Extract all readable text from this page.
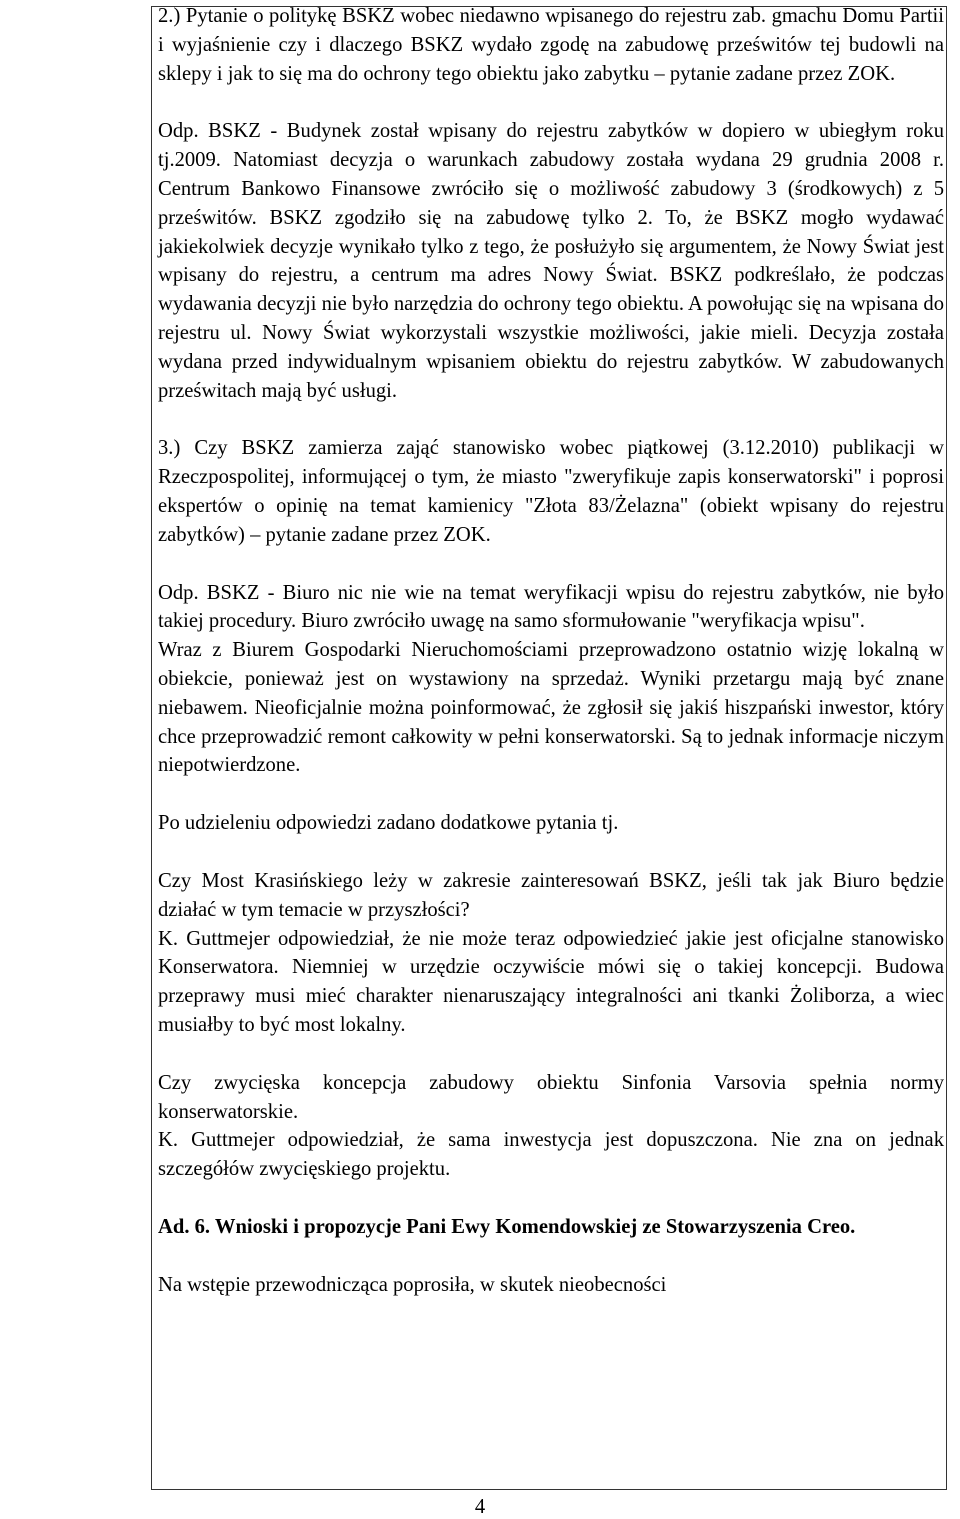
2.) Pytanie o politykę BSKZ wobec niedawno wpisanego do rejestru zab. gmachu Domu Partii i wyjaśnienie czy i dlaczego BSKZ wydało zgodę na zabudowę prześwitów tej budowli na sklepy i jak to się ma do ochrony tego obiektu jako zabytku – pytanie zadane przez ZOK.

Odp. BSKZ - Budynek został wpisany do rejestru zabytków w dopiero w ubiegłym roku tj.2009. Natomiast decyzja o warunkach zabudowy została wydana 29 grudnia 2008 r. Centrum Bankowo Finansowe zwróciło się o możliwość zabudowy 3 (środkowych) z 5 prześwitów. BSKZ zgodziło się na zabudowę tylko 2. To, że BSKZ mogło wydawać jakiekolwiek decyzje wynikało tylko z tego, że posłużyło się argumentem, że Nowy Świat jest wpisany do rejestru, a centrum ma adres Nowy Świat. BSKZ podkreślało, że podczas wydawania decyzji nie było narzędzia do ochrony tego obiektu. A powołując się na wpisana do rejestru ul. Nowy Świat wykorzystali wszystkie możliwości, jakie mieli. Decyzja została wydana przed indywidualnym wpisaniem obiektu do rejestru zabytków. W zabudowanych prześwitach mają być usługi.

3.) Czy BSKZ zamierza zająć stanowisko wobec piątkowej (3.12.2010) publikacji w Rzeczpospolitej, informującej o tym, że miasto "zweryfikuje zapis konserwatorski" i poprosi ekspertów o opinię na temat kamienicy "Złota 83/Żelazna" (obiekt wpisany do rejestru zabytków) – pytanie zadane przez ZOK.

Odp. BSKZ - Biuro nic nie wie na temat weryfikacji wpisu do rejestru zabytków, nie było takiej procedury. Biuro zwróciło uwagę na samo sformułowanie "weryfikacja wpisu".

Wraz z Biurem Gospodarki Nieruchomościami przeprowadzono ostatnio wizję lokalną w obiekcie, ponieważ jest on wystawiony na sprzedaż. Wyniki przetargu mają być znane niebawem. Nieoficjalnie można poinformować, że zgłosił się jakiś hiszpański inwestor, który chce przeprowadzić remont całkowity w pełni konserwatorski. Są to jednak informacje niczym niepotwierdzone.

Po udzieleniu odpowiedzi zadano dodatkowe pytania tj.

Czy Most Krasińskiego leży w zakresie zainteresowań BSKZ, jeśli tak jak Biuro będzie działać w tym temacie w przyszłości?

K. Guttmejer odpowiedział, że nie może teraz odpowiedzieć jakie jest oficjalne stanowisko Konserwatora. Niemniej w urzędzie oczywiście mówi się o takiej koncepcji. Budowa przeprawy musi mieć charakter nienaruszający integralności ani tkanki Żoliborza, a wiec musiałby to być most lokalny.

Czy zwycięska koncepcja zabudowy obiektu Sinfonia Varsovia spełnia normy konserwatorskie.

K. Guttmejer odpowiedział, że sama inwestycja jest dopuszczona. Nie zna on jednak szczegółów zwycięskiego projektu.

Ad. 6. Wnioski i propozycje Pani Ewy Komendowskiej ze Stowarzyszenia Creo.

Na wstępie przewodnicząca poprosiła, w skutek nieobecności

4
